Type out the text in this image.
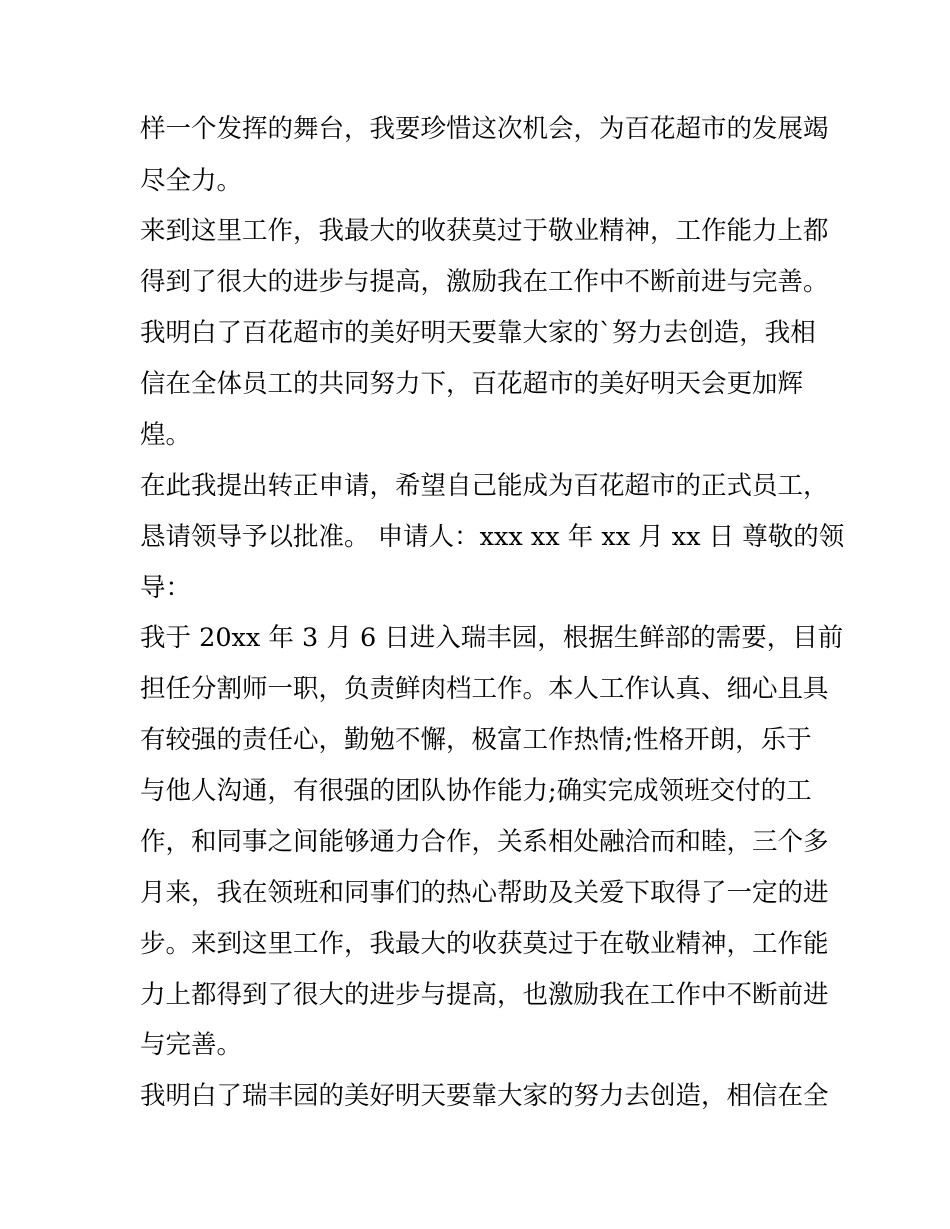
样一个发挥的舞台，我要珍惜这次机会，为百花超市的发展竭
尽全力。
来到这里工作，我最大的收获莫过于敬业精神，工作能力上都
得到了很大的进步与提高，激励我在工作中不断前进与完善。
我明白了百花超市的美好明天要靠大家的`努力去创造，我相
信在全体员工的共同努力下，百花超市的美好明天会更加辉
煌。
在此我提出转正申请，希望自己能成为百花超市的正式员工，
恳请领导予以批准。 申请人：xxx xx 年 xx 月 xx 日 尊敬的领
导：
我于 20xx 年 3 月 6 日进入瑞丰园，根据生鲜部的需要，目前
担任分割师一职，负责鲜肉档工作。本人工作认真、细心且具
有较强的责任心，勤勉不懈，极富工作热情;性格开朗，乐于
与他人沟通，有很强的团队协作能力;确实完成领班交付的工
作，和同事之间能够通力合作，关系相处融洽而和睦，三个多
月来，我在领班和同事们的热心帮助及关爱下取得了一定的进
步。来到这里工作，我最大的收获莫过于在敬业精神，工作能
力上都得到了很大的进步与提高，也激励我在工作中不断前进
与完善。
我明白了瑞丰园的美好明天要靠大家的努力去创造，相信在全
